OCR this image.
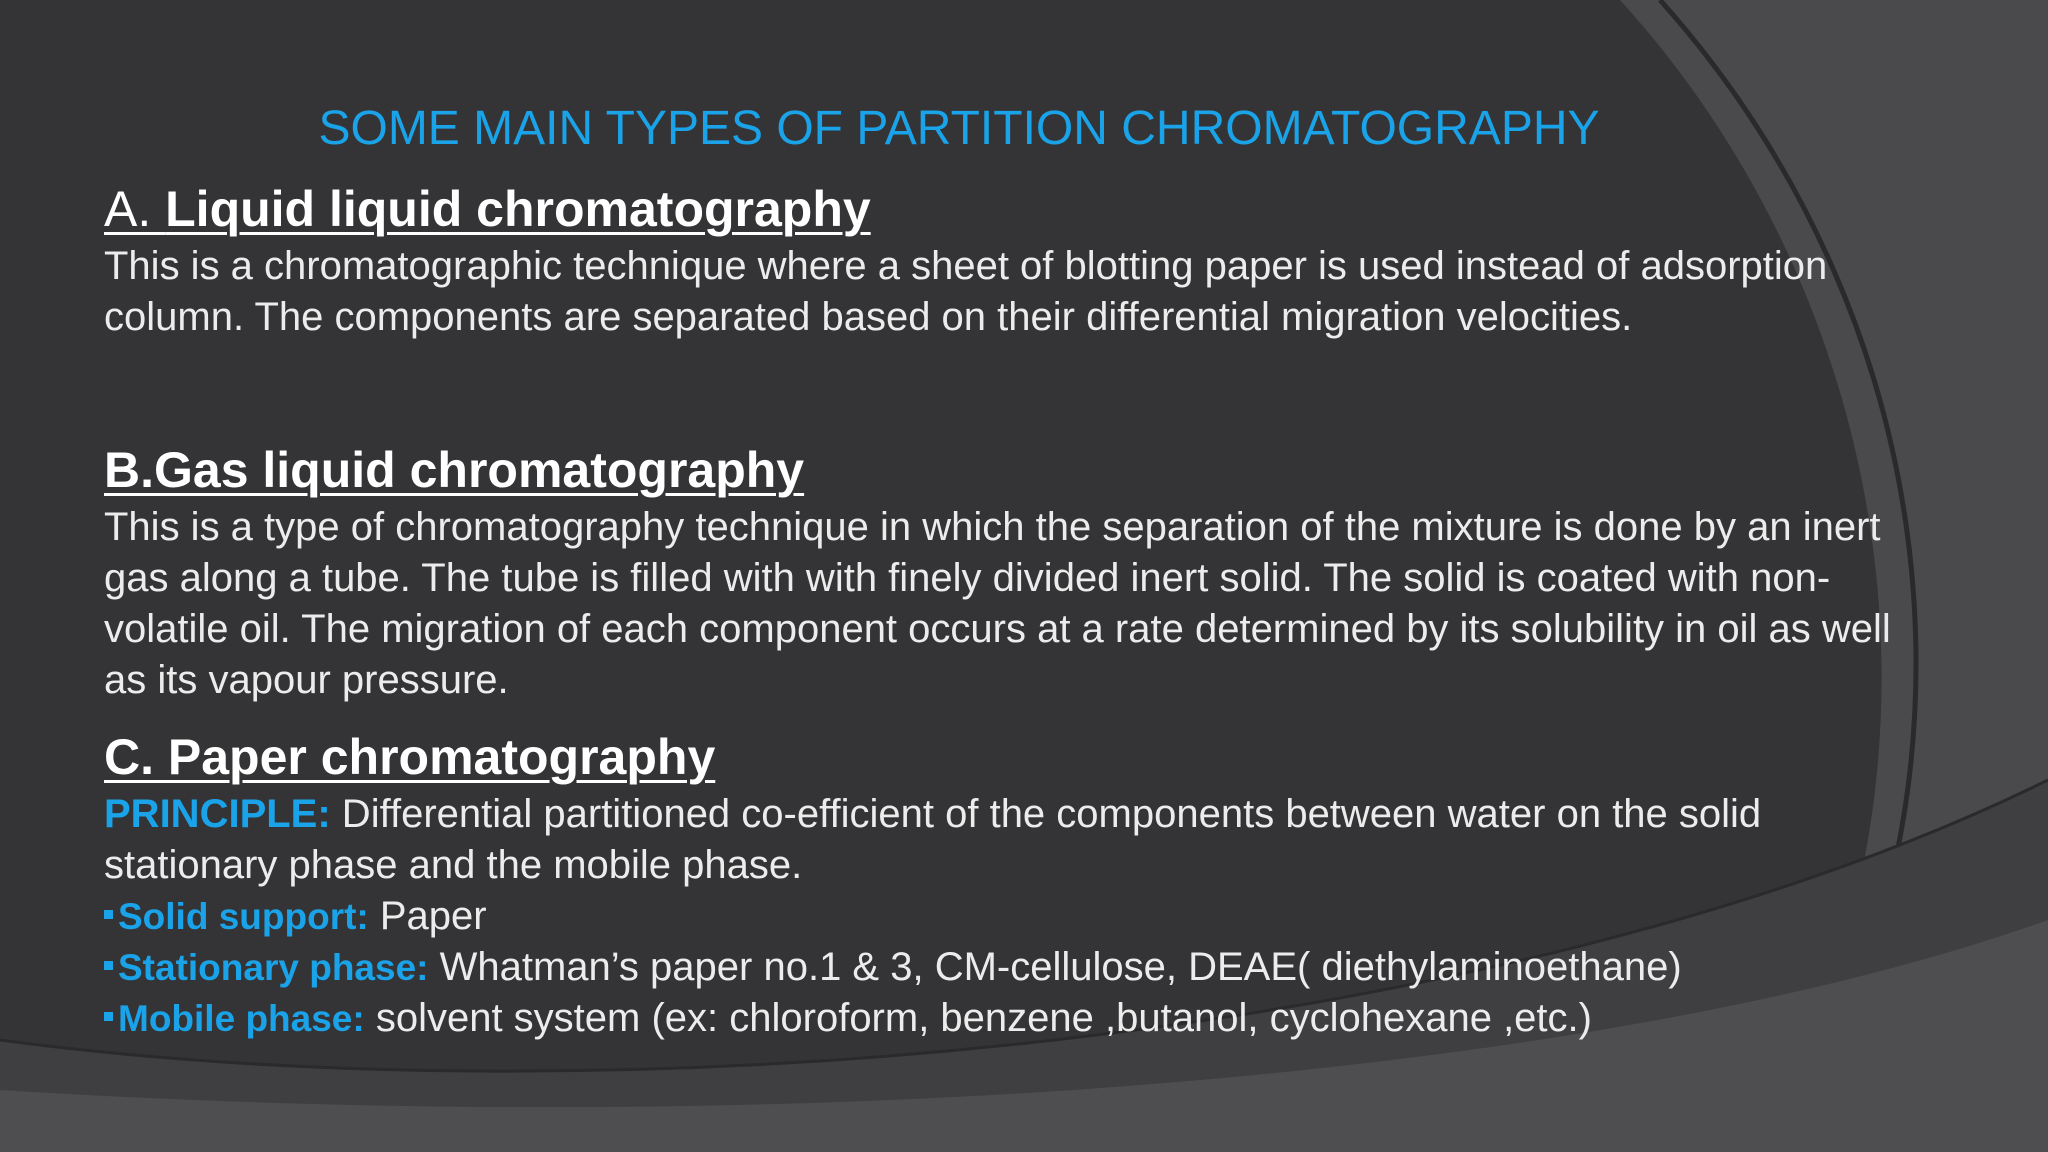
SOME MAIN TYPES OF PARTITION CHROMATOGRAPHY
A. Liquid liquid chromatography

This is a chromatographic technique where a sheet of blotting paper is used instead of adsorption column. The components are separated based on their differential migration velocities.

B.Gas liquid chromatography

This is a type of chromatography technique in which the separation of the mixture is done by an inert gas along a tube. The tube is filled with with finely divided inert solid. The solid is coated with non-volatile oil. The migration of each component occurs at a rate determined by its solubility in oil as well as its vapour pressure.

C. Paper chromatography

PRINCIPLE: Differential partitioned co-efficient of the components between water on the solid stationary phase and the mobile phase.

Solid support: Paper

Stationary phase: Whatman’s paper no.1 & 3, CM-cellulose, DEAE( diethylaminoethane)

Mobile phase: solvent system (ex: chloroform, benzene ,butanol, cyclohexane ,etc.)
